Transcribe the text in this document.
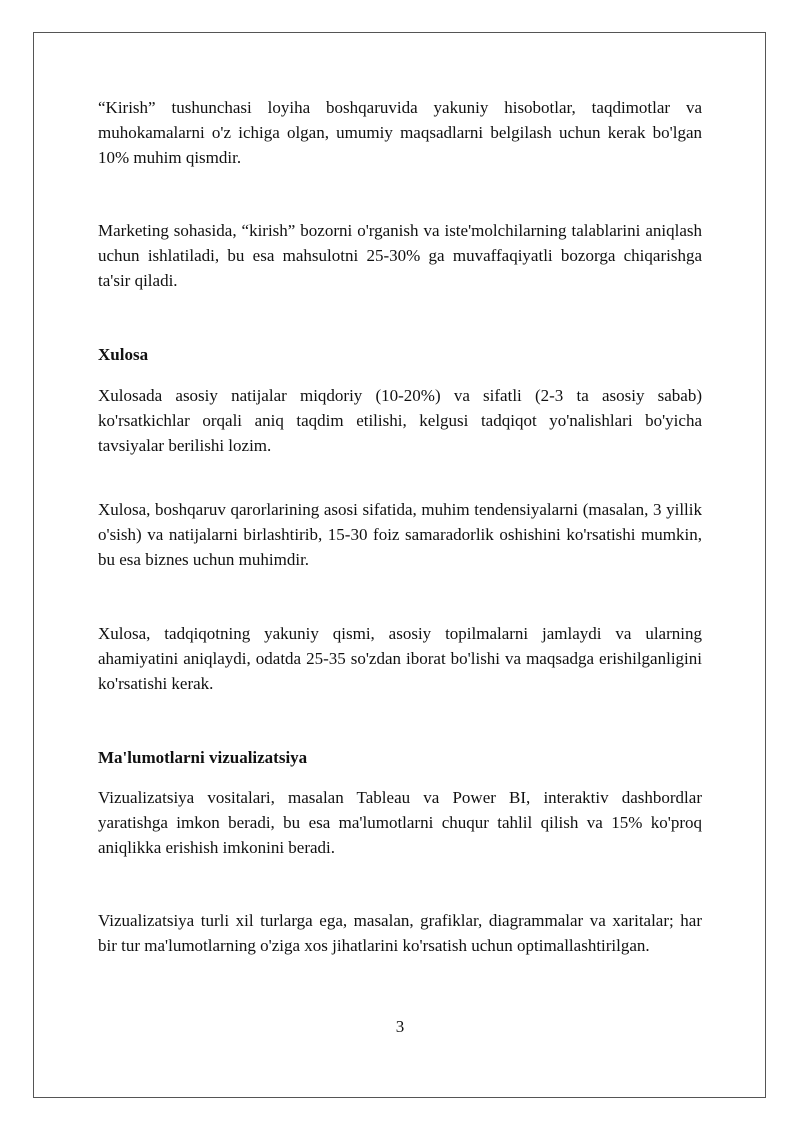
“Kirish” tushunchasi loyiha boshqaruvida yakuniy hisobotlar, taqdimotlar va muhokamalarni o'z ichiga olgan, umumiy maqsadlarni belgilash uchun kerak bo'lgan 10% muhim qismdir.

Marketing sohasida, “kirish” bozorni o'rganish va iste'molchilarning talablarini aniqlash uchun ishlatiladi, bu esa mahsulotni 25-30% ga muvaffaqiyatli bozorga chiqarishga ta'sir qiladi.

Xulosa

Xulosada asosiy natijalar miqdoriy (10-20%) va sifatli (2-3 ta asosiy sabab) ko'rsatkichlar orqali aniq taqdim etilishi, kelgusi tadqiqot yo'nalishlari bo'yicha tavsiyalar berilishi lozim.

Xulosa, boshqaruv qarorlarining asosi sifatida, muhim tendensiyalarni (masalan, 3 yillik o'sish) va natijalarni birlashtirib, 15-30 foiz samaradorlik oshishini ko'rsatishi mumkin, bu esa biznes uchun muhimdir.

Xulosa, tadqiqotning yakuniy qismi, asosiy topilmalarni jamlaydi va ularning ahamiyatini aniqlaydi, odatda 25-35 so'zdan iborat bo'lishi va maqsadga erishilganligini ko'rsatishi kerak.

Ma'lumotlarni vizualizatsiya

Vizualizatsiya vositalari, masalan Tableau va Power BI, interaktiv dashbordlar yaratishga imkon beradi, bu esa ma'lumotlarni chuqur tahlil qilish va 15% ko'proq aniqlikka erishish imkonini beradi.

Vizualizatsiya turli xil turlarga ega, masalan, grafiklar, diagrammalar va xaritalar; har bir tur ma'lumotlarning o'ziga xos jihatlarini ko'rsatish uchun optimallashtirilgan.

3
